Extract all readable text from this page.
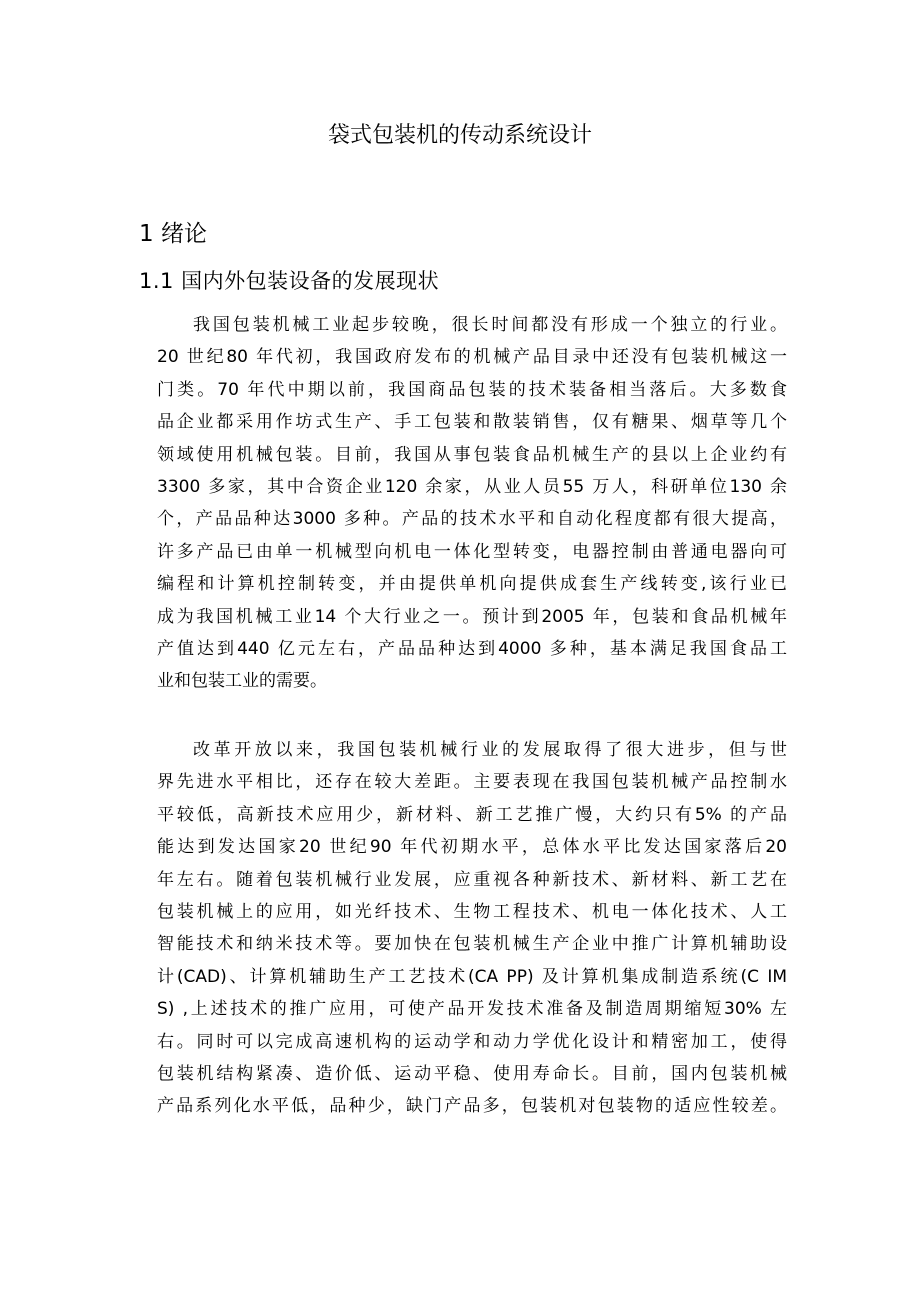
袋式包装机的传动系统设计
1 绪论
1.1 国内外包装设备的发展现状
我国包装机械工业起步较晚，很长时间都没有形成一个独立的行业。
20 世纪80 年代初，我国政府发布的机械产品目录中还没有包装机械这一
门类。70 年代中期以前，我国商品包装的技术装备相当落后。大多数食
品企业都采用作坊式生产、手工包装和散装销售，仅有糖果、烟草等几个
领域使用机械包装。目前，我国从事包装食品机械生产的县以上企业约有
3300 多家，其中合资企业120 余家，从业人员55 万人，科研单位130 余
个，产品品种达3000 多种。产品的技术水平和自动化程度都有很大提高，
许多产品已由单一机械型向机电一体化型转变，电器控制由普通电器向可
编程和计算机控制转变，并由提供单机向提供成套生产线转变,该行业已
成为我国机械工业14 个大行业之一。预计到2005 年，包装和食品机械年
产值达到440 亿元左右，产品品种达到4000 多种，基本满足我国食品工
业和包装工业的需要。
改革开放以来，我国包装机械行业的发展取得了很大进步，但与世
界先进水平相比，还存在较大差距。主要表现在我国包装机械产品控制水
平较低，高新技术应用少，新材料、新工艺推广慢，大约只有5% 的产品
能达到发达国家20 世纪90 年代初期水平，总体水平比发达国家落后20
年左右。随着包装机械行业发展，应重视各种新技术、新材料、新工艺在
包装机械上的应用，如光纤技术、生物工程技术、机电一体化技术、人工
智能技术和纳米技术等。要加快在包装机械生产企业中推广计算机辅助设
计(CAD)、计算机辅助生产工艺技术(CA PP) 及计算机集成制造系统(C IM
S) ,上述技术的推广应用，可使产品开发技术准备及制造周期缩短30% 左
右。同时可以完成高速机构的运动学和动力学优化设计和精密加工，使得
包装机结构紧凑、造价低、运动平稳、使用寿命长。目前，国内包装机械
产品系列化水平低，品种少，缺门产品多，包装机对包装物的适应性较差。
